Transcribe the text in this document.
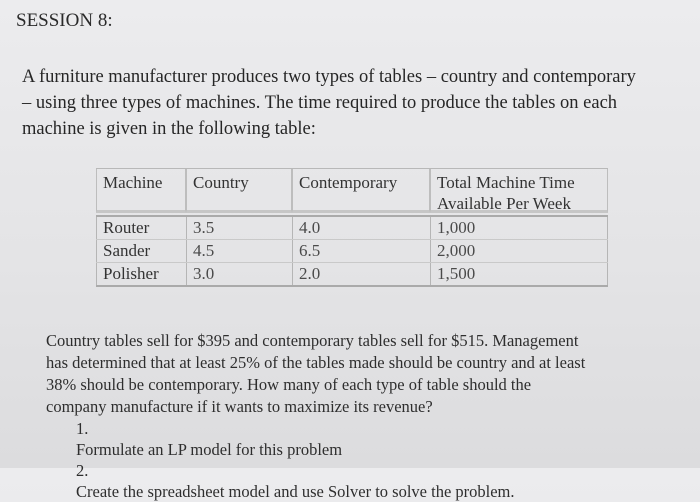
SESSION 8:

A furniture manufacturer produces two types of tables – country and contemporary
– using three types of machines. The time required to produce the tables on each
machine is given in the following table:

Machine	Country	Contemporary	Total Machine Time
Available Per Week
Router	3.5	4.0	1,000
Sander	4.5	6.5	2,000
Polisher	3.0	2.0	1,500
Country tables sell for $395 and contemporary tables sell for $515. Management
has determined that at least 25% of the tables made should be country and at least
38% should be contemporary. How many of each type of table should the
company manufacture if it wants to maximize its revenue?
1.
Formulate an LP model for this problem
2.
Create the spreadsheet model and use Solver to solve the problem.
